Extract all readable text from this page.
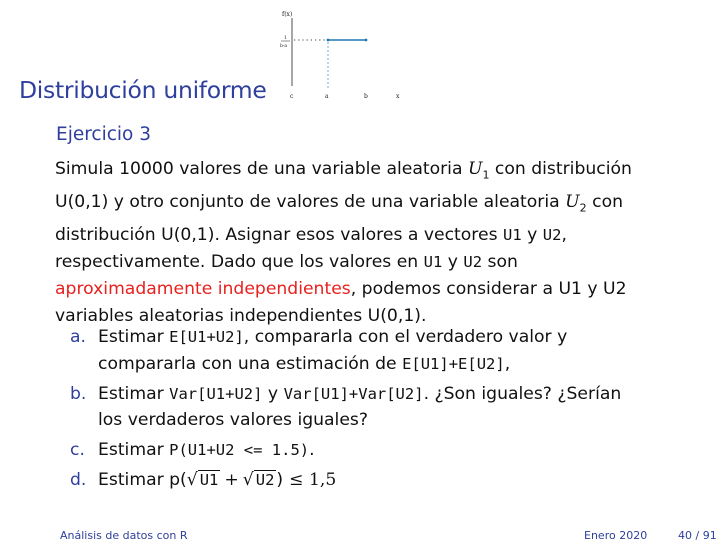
Distribución uniforme
f(x)
1
b-a
c	a	b	x
Ejercicio 3
Simula 10000 valores de una variable aleatoria $U_1$ con distribución
U(0,1) y otro conjunto de valores de una variable aleatoria $U_2$ con
distribución U(0,1). Asignar esos valores a vectores U1 y U2,
respectivamente. Dado que los valores en U1 y U2 son
aproximadamente independientes, podemos considerar a U1 y U2
variables aleatorias independientes U(0,1).
a. Estimar E[U1+U2], compararla con el verdadero valor y
compararla con una estimación de E[U1]+E[U2],
b. Estimar Var[U1+U2] y Var[U1]+Var[U2]. ¿Son iguales? ¿Serían
los verdaderos valores iguales?
c. Estimar P(U1+U2 <= 1.5).
d. Estimar p(√ U1 + √ U2 ) ≤ 1,5
Análisis de datos con R	Enero 2020	40 / 91
